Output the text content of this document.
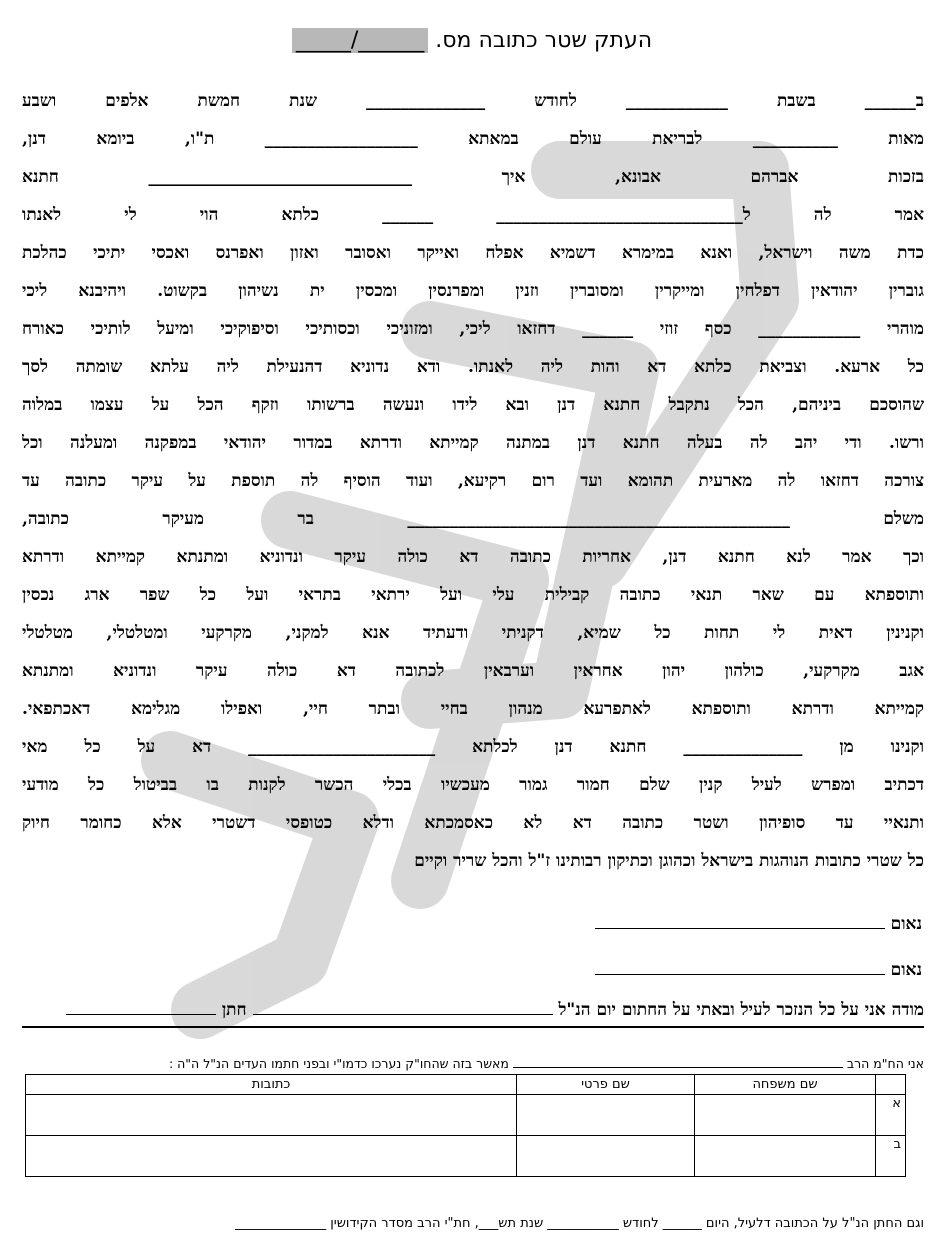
העתק שטר כתובה מס. _____/______
ב______ בשבת ____________ לחודש ______________ שנת חמשת אלפים ושבע
מאות __________ לבריאת עולם במאתא __________________ ת"ו, ביומא דנן,
בזכות אברהם אבונא, איך _______________________________ חתנא
אמר לה ל_____________________________ ______ כלתא הוי לי לאנתו
כדת משה וישראל, ואנא במימרא דשמיא אפלח ואייקר ואסובר ואזון ואפרנס ואכסי יתיכי כהלכת
גוברין יהודאין דפלחין ומייקרין ומסוברין וזנין ומפרנסין ומכסין ית נשיהון בקשוט. ויהיבנא ליכי
מוהרי ____________ כסף זוזי ______ דחזאו ליכי, ומזוניכי וכסותיכי וסיפוקיכי ומיעל לותיכי כאורח
כל ארעא. וצביאת כלתא דא והות ליה לאנתו. ודא נדוניא דהנעילת ליה עלתא שומתה לסך
שהוסכם ביניהם, הכל נתקבל חתנא דנן ובא לידו ונעשה ברשותו וזקף הכל על עצמו במלוה
ורשו. ודי יהב לה בעלה חתנא דנן במתנה קמייתא ודרתא במדור יהודאי במפקנה ומעלנה וכל
צורכה דחזאו לה מארעית תהומא ועד רום רקיעא, ועוד הוסיף לה תוספת על עיקר כתובה עד
משלם _____________________________________________ בר מעיקר כתובה,
וכך אמר לנא חתנא דנן, אחריות כתובה דא כולה עיקר ונדוניא ומתנתא קמייתא ודרתא
ותוספתא עם שאר תנאי כתובה קבילית עלי ועל ירתאי בתראי ועל כל שפר ארג נכסין
וקנינין דאית לי תחות כל שמיא, דקניתי ודעתיד אנא למקני, מקרקעי ומטלטלי, מטלטלי
אגב מקרקעי, כולהון יהון אחראין וערבאין לכתובה דא כולה עיקר ונדוניא ומתנתא
קמייתא ודרתא ותוספתא לאתפרעא מנהון בחיי ובתר חיי, ואפילו מגלימא דאכתפאי.
וקנינו מן ______________ חתנא דנן לכלתא ______________________ דא על כל מאי
דכתיב ומפרש לעיל קנין שלם חמור גמור מעכשיו בכלי הכשר לקנות בו בביטול כל מודעי
ותנאיי עד סופיהון ושטר כתובה דא לא כאסמכתא ודלא כטופסי דשטרי אלא כחומר חיוק
כל שטרי כתובות הנוהגות בישראל וכהוגן וכתיקון רבותינו ז"ל והכל שריר וקיים
נאום
נאום
מודה אני על כל הנזכר לעיל ובאתי על החתום יום הנ"ל  חתן
אני הח"מ הרב  מאשר בזה שהחו"ק נערכו כדמו"י ובפני חתמו העדים הנ"ל ה"ה :
	שם משפחה	שם פרטי	כתובות
א			
ב			
וגם החתן הנ"ל על הכתובה דלעיל, היום ______ לחודש ___________ שנת תש___, חת"י הרב מסדר הקידושין ______________
